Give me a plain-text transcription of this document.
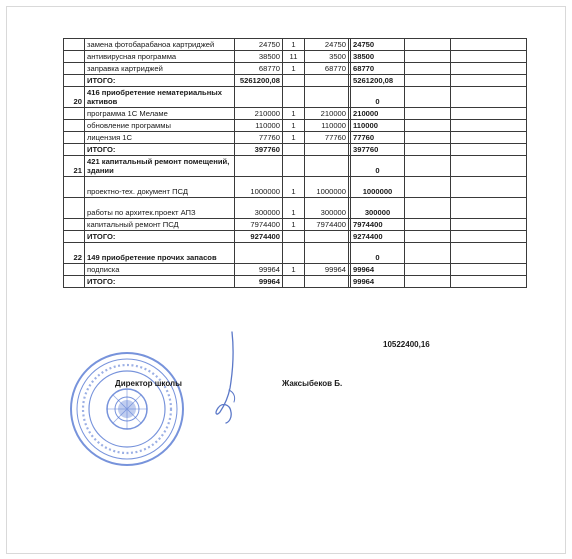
	замена фотобарабаноа картриджей	24750	1	24750		24750		
	антивирусная программа	38500	11	3500		38500		
	заправка картриджей	68770	1	68770		68770		
	ИТОГО:	5261200,08				5261200,08		
20	416 приобретение нематериальных активов					0		
	программа 1С Меламе	210000	1	210000		210000		
	обновление программы	110000	1	110000		110000		
	лицензия 1С	77760	1	77760		77760		
	ИТОГО:	397760				397760		
21	421 капитальный ремонт помещений, здании					0		
	проектно-тех. документ ПСД	1000000	1	1000000		1000000		
	работы по архитек.проект АПЗ	300000	1	300000		300000		
	капитальный ремонт ПСД	7974400	1	7974400		7974400		
	ИТОГО:	9274400				9274400		
22	149 приобретение прочих запасов					0		
	подписка	99964	1	99964		99964		
	ИТОГО:	99964				99964		
10522400,16
Директор школы	Жаксыбеков Б.
